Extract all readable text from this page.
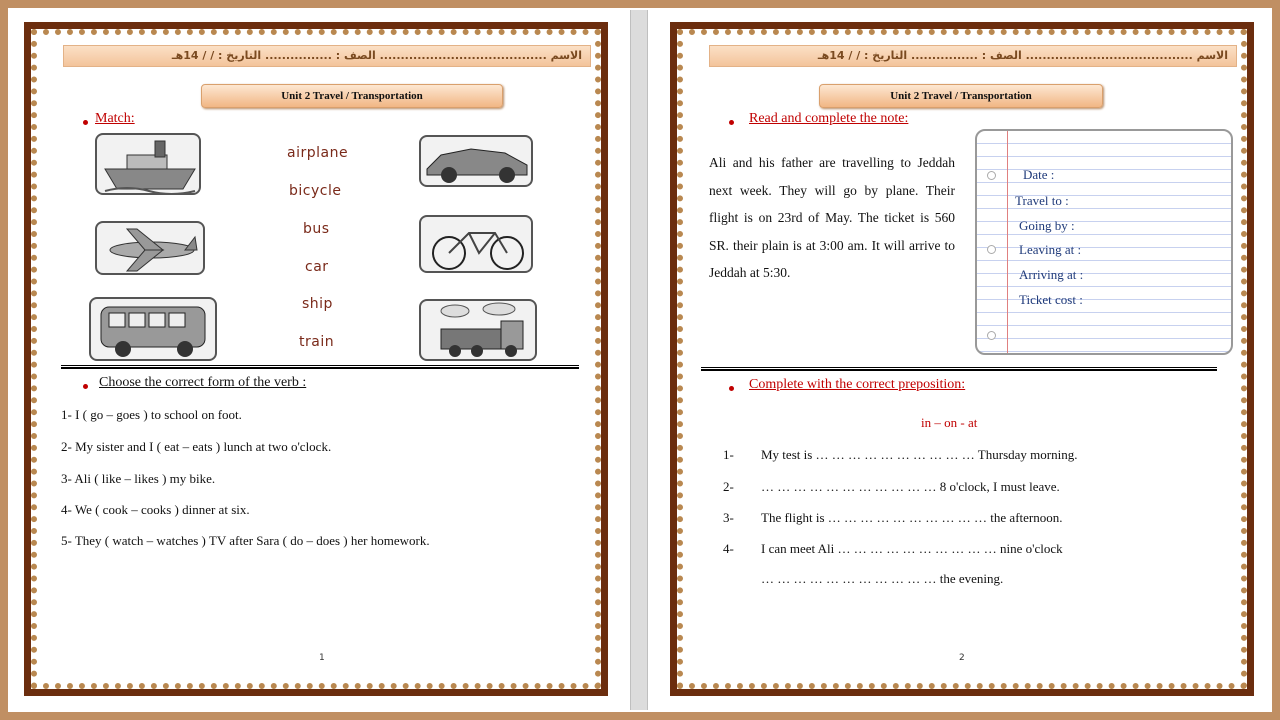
الاسم ........................................ الصف : ................ التاريخ : / / 14هـ
Unit 2 Travel / Transportation
Match:
airplane
bicycle
bus
car
ship
train
Choose the correct form of the verb :
1- I ( go – goes ) to school on foot.
2- My sister and I ( eat – eats ) lunch at two o'clock.
3- Ali ( like – likes ) my bike.
4- We ( cook – cooks ) dinner at six.
5- They ( watch – watches ) TV after Sara ( do – does ) her homework.
1
الاسم ........................................ الصف : ................ التاريخ : / / 14هـ
Unit 2 Travel / Transportation
Read and complete the note:
Ali and his father are travelling to Jeddah next week. They will go by plane. Their flight is on 23rd of May. The ticket is 560 SR. their plain is at 3:00 am. It will arrive to Jeddah at 5:30.
Date :
Travel to :
Going by :
Leaving at :
Arriving at :
Ticket cost :
Complete with the correct preposition:
in – on - at
1- My test is … … … … … … … … … … Thursday morning.
2- … … … … … … … … … … … 8 o'clock, I must leave.
3- The flight is … … … … … … … … … … the afternoon.
4- I can meet Ali … … … … … … … … … … nine o'clock
… … … … … … … … … … … the evening.
2
